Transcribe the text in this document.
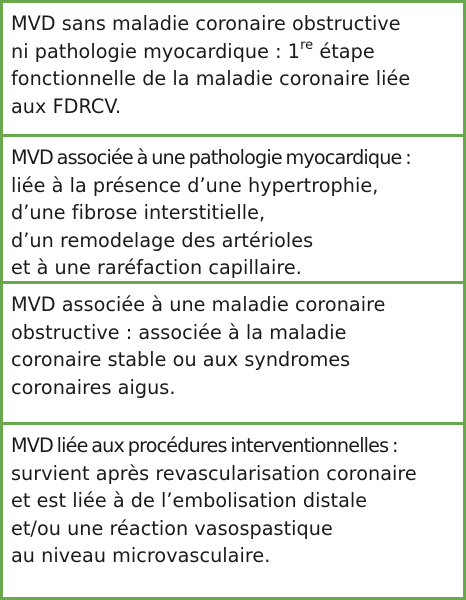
MVD sans maladie coronaire obstructive
ni pathologie myocardique : 1re étape
fonctionnelle de la maladie coronaire liée
aux FDRCV.
MVD associée à une pathologie myocardique :
liée à la présence d’une hypertrophie,
d’une fibrose interstitielle,
d’un remodelage des artérioles
et à une raréfaction capillaire.
MVD associée à une maladie coronaire
obstructive : associée à la maladie
coronaire stable ou aux syndromes
coronaires aigus.
MVD liée aux procédures interventionnelles :
survient après revascularisation coronaire
et est liée à de l’embolisation distale
et/ou une réaction vasospastique
au niveau microvasculaire.
